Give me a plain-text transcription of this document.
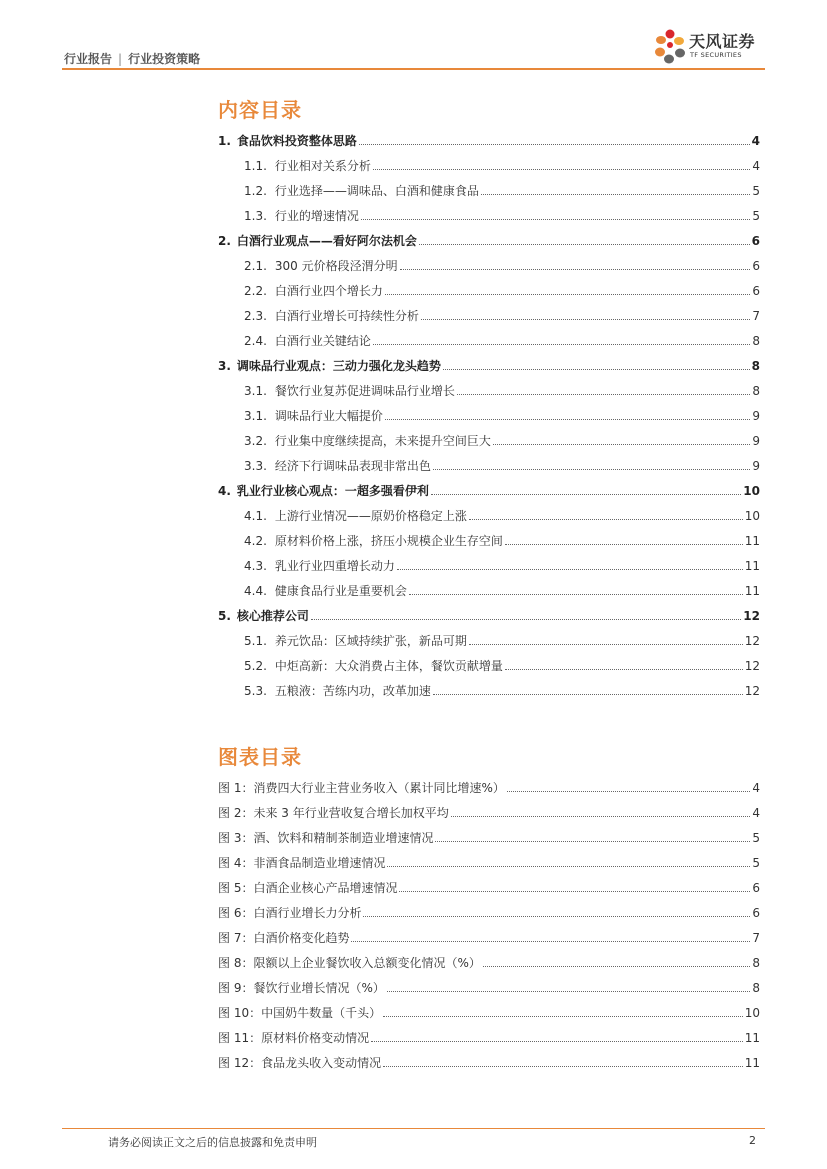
行业报告 | 行业投资策略
天风证券
TF SECURITIES
内容目录
1. 食品饮料投资整体思路	4
1.1. 行业相对关系分析	4
1.2. 行业选择——调味品、白酒和健康食品	5
1.3. 行业的增速情况	5
2. 白酒行业观点——看好阿尔法机会	6
2.1. 300 元价格段泾渭分明	6
2.2. 白酒行业四个增长力	6
2.3. 白酒行业增长可持续性分析	7
2.4. 白酒行业关键结论	8
3. 调味品行业观点：三动力强化龙头趋势	8
3.1. 餐饮行业复苏促进调味品行业增长	8
3.1. 调味品行业大幅提价	9
3.2. 行业集中度继续提高，未来提升空间巨大	9
3.3. 经济下行调味品表现非常出色	9
4. 乳业行业核心观点：一超多强看伊利	10
4.1. 上游行业情况——原奶价格稳定上涨	10
4.2. 原材料价格上涨，挤压小规模企业生存空间	11
4.3. 乳业行业四重增长动力	11
4.4. 健康食品行业是重要机会	11
5. 核心推荐公司	12
5.1. 养元饮品：区域持续扩张，新品可期	12
5.2. 中炬高新：大众消费占主体，餐饮贡献增量	12
5.3. 五粮液：苦练内功，改革加速	12
图表目录
图 1：消费四大行业主营业务收入（累计同比增速%）	4
图 2：未来 3 年行业营收复合增长加权平均	4
图 3：酒、饮料和精制茶制造业增速情况	5
图 4：非酒食品制造业增速情况	5
图 5：白酒企业核心产品增速情况	6
图 6：白酒行业增长力分析	6
图 7：白酒价格变化趋势	7
图 8：限额以上企业餐饮收入总额变化情况（%）	8
图 9：餐饮行业增长情况（%）	8
图 10：中国奶牛数量（千头）	10
图 11：原材料价格变动情况	11
图 12：食品龙头收入变动情况	11
请务必阅读正文之后的信息披露和免责申明	2
